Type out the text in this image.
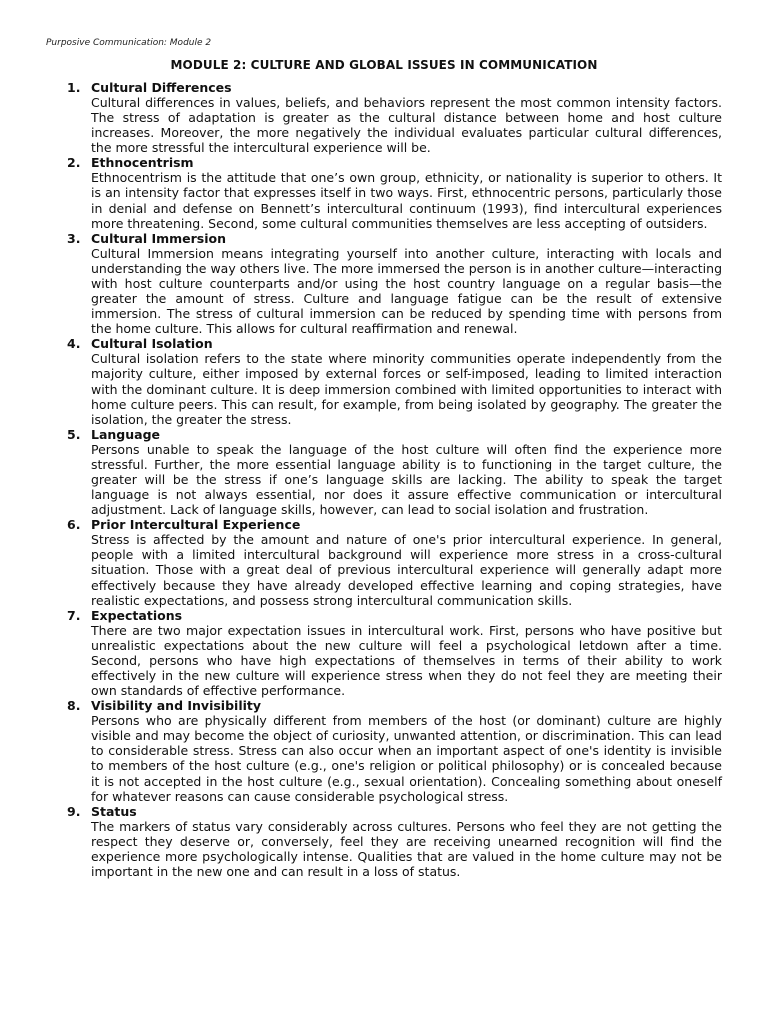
Purposive Communication: Module 2
MODULE 2: CULTURE AND GLOBAL ISSUES IN COMMUNICATION
1. Cultural Differences

Cultural differences in values, beliefs, and behaviors represent the most common intensity factors. The stress of adaptation is greater as the cultural distance between home and host culture increases. Moreover, the more negatively the individual evaluates particular cultural differences, the more stressful the intercultural experience will be.

2. Ethnocentrism

Ethnocentrism is the attitude that one’s own group, ethnicity, or nationality is superior to others. It is an intensity factor that expresses itself in two ways. First, ethnocentric persons, particularly those in denial and defense on Bennett’s intercultural continuum (1993), find intercultural experiences more threatening. Second, some cultural communities themselves are less accepting of outsiders.

3. Cultural Immersion

Cultural Immersion means integrating yourself into another culture, interacting with locals and understanding the way others live. The more immersed the person is in another culture—interacting with host culture counterparts and/or using the host country language on a regular basis—the greater the amount of stress. Culture and language fatigue can be the result of extensive immersion. The stress of cultural immersion can be reduced by spending time with persons from the home culture. This allows for cultural reaffirmation and renewal.

4. Cultural Isolation

Cultural isolation refers to the state where minority communities operate independently from the majority culture, either imposed by external forces or self-imposed, leading to limited interaction with the dominant culture. It is deep immersion combined with limited opportunities to interact with home culture peers. This can result, for example, from being isolated by geography. The greater the isolation, the greater the stress.

5. Language

Persons unable to speak the language of the host culture will often find the experience more stressful. Further, the more essential language ability is to functioning in the target culture, the greater will be the stress if one’s language skills are lacking. The ability to speak the target language is not always essential, nor does it assure effective communication or intercultural adjustment. Lack of language skills, however, can lead to social isolation and frustration.

6. Prior Intercultural Experience

Stress is affected by the amount and nature of one's prior intercultural experience. In general, people with a limited intercultural background will experience more stress in a cross-cultural situation. Those with a great deal of previous intercultural experience will generally adapt more effectively because they have already developed effective learning and coping strategies, have realistic expectations, and possess strong intercultural communication skills.

7. Expectations

There are two major expectation issues in intercultural work. First, persons who have positive but unrealistic expectations about the new culture will feel a psychological letdown after a time. Second, persons who have high expectations of themselves in terms of their ability to work effectively in the new culture will experience stress when they do not feel they are meeting their own standards of effective performance.

8. Visibility and Invisibility

Persons who are physically different from members of the host (or dominant) culture are highly visible and may become the object of curiosity, unwanted attention, or discrimination. This can lead to considerable stress. Stress can also occur when an important aspect of one's identity is invisible to members of the host culture (e.g., one's religion or political philosophy) or is concealed because it is not accepted in the host culture (e.g., sexual orientation). Concealing something about oneself for whatever reasons can cause considerable psychological stress.

9. Status

The markers of status vary considerably across cultures. Persons who feel they are not getting the respect they deserve or, conversely, feel they are receiving unearned recognition will find the experience more psychologically intense. Qualities that are valued in the home culture may not be important in the new one and can result in a loss of status.
